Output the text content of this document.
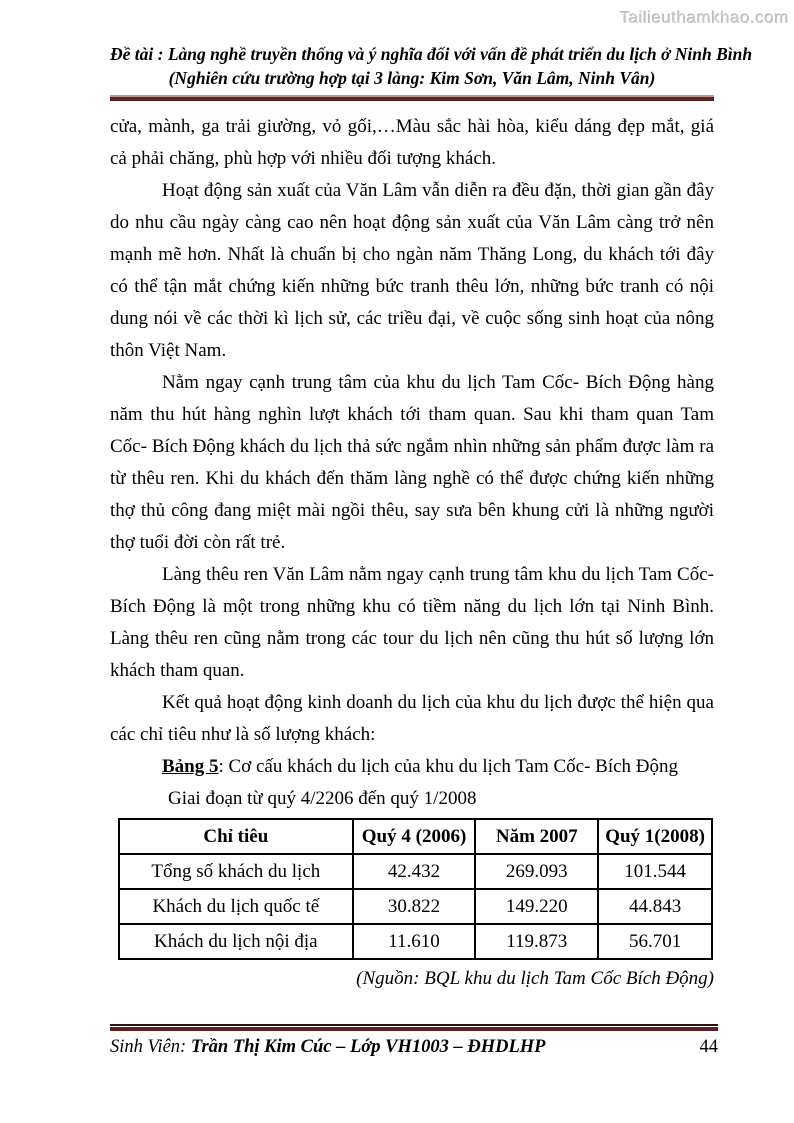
Tailieuthamkhao.com
Đề tài : Làng nghề truyền thống và ý nghĩa đối với vấn đề phát triển du lịch ở Ninh Bình
(Nghiên cứu trường hợp tại 3 làng: Kim Sơn, Văn Lâm, Ninh Vân)

cửa, mành, ga trải giường, vỏ gối,…Màu sắc hài hòa, kiểu dáng đẹp mắt, giá cả phải chăng, phù hợp với nhiều đối tượng khách.

Hoạt động sản xuất của Văn Lâm vẫn diễn ra đều đặn, thời gian gần đây do nhu cầu ngày càng cao nên hoạt động sản xuất của Văn Lâm càng trở nên mạnh mẽ hơn. Nhất là chuẩn bị cho ngàn năm Thăng Long, du khách tới đây có thể tận mắt chứng kiến những bức tranh thêu lớn, những bức tranh có nội dung nói về các thời kì lịch sử, các triều đại, về cuộc sống sinh hoạt của nông thôn Việt Nam.

Nằm ngay cạnh trung tâm của khu du lịch Tam Cốc- Bích Động hàng năm thu hút hàng nghìn lượt khách tới tham quan. Sau khi tham quan Tam Cốc- Bích Động khách du lịch thả sức ngắm nhìn những sản phẩm được làm ra từ thêu ren. Khi du khách đến thăm làng nghề có thể được chứng kiến những thợ thủ công đang miệt mài ngồi thêu, say sưa bên khung cửi là những người thợ tuổi đời còn rất trẻ.

Làng thêu ren Văn Lâm nằm ngay cạnh trung tâm khu du lịch Tam Cốc- Bích Động là một trong những khu có tiềm năng du lịch lớn tại Ninh Bình. Làng thêu ren cũng nằm trong các tour du lịch nên cũng thu hút số lượng lớn khách tham quan.

Kết quả hoạt động kinh doanh du lịch của khu du lịch được thể hiện qua các chỉ tiêu như là số lượng khách:

Bảng 5: Cơ cấu khách du lịch của khu du lịch Tam Cốc- Bích Động

Giai đoạn từ quý 4/2206 đến quý 1/2008

Chỉ tiêu	Quý 4 (2006)	Năm 2007	Quý 1(2008)
Tổng số khách du lịch	42.432	269.093	101.544
Khách du lịch quốc tế	30.822	149.220	44.843
Khách du lịch nội địa	11.610	119.873	56.701

(Nguồn: BQL khu du lịch Tam Cốc Bích Động)

Sinh Viên: Trần Thị Kim Cúc – Lớp VH1003 – ĐHDLHP	44
